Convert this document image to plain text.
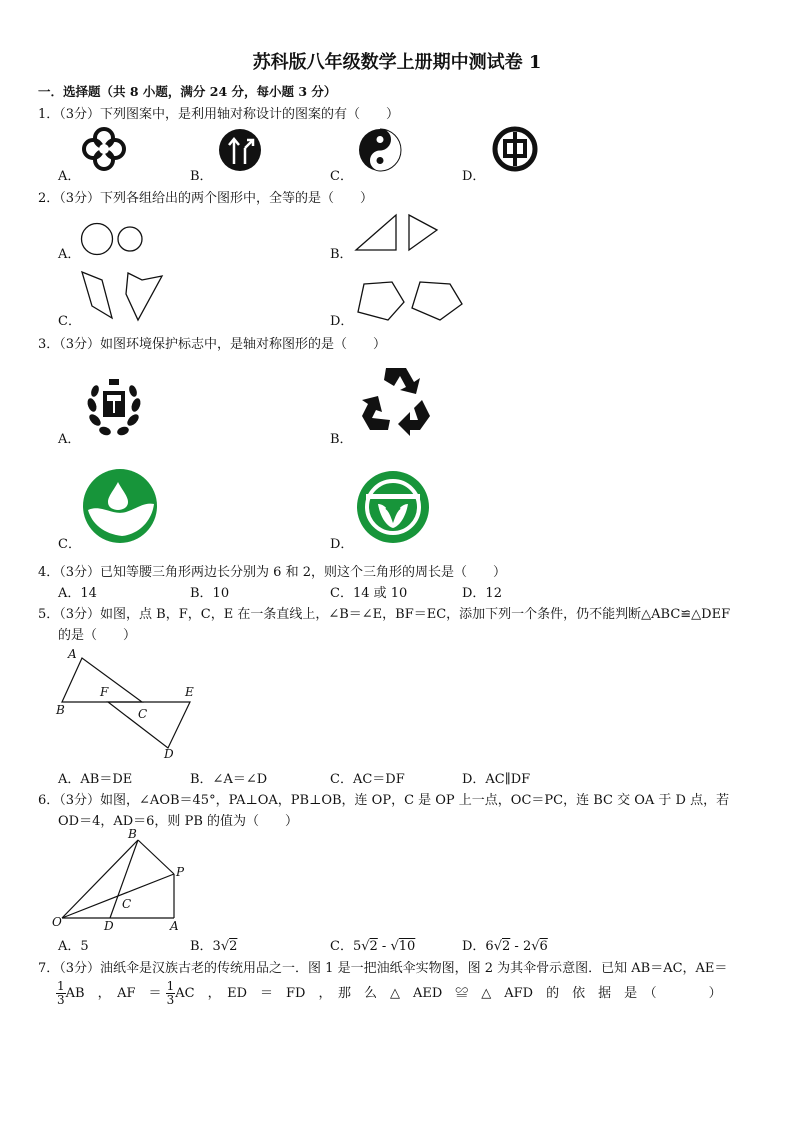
苏科版八年级数学上册期中测试卷 1
一．选择题（共 8 小题，满分 24 分，每小题 3 分）
1．（3分）下列图案中，是利用轴对称设计的图案的有（　　）
A．	B．	C．	D．
2．（3分）下列各组给出的两个图形中，全等的是（　　）
A．	B．
C．	D．
3．（3分）如图环境保护标志中，是轴对称图形的是（　　）
A．	B．
C．	D．
4．（3分）已知等腰三角形两边长分别为 6 和 2，则这个三角形的周长是（　　）
A．14	B．10	C．14 或 10	D．12
5．（3分）如图，点 B，F，C，E 在一条直线上，∠B＝∠E，BF＝EC，添加下列一个条件，仍不能判断△ABC≌△DEF
的是（　　）
A
B
F
C
E
D
A．AB＝DE	B．∠A＝∠D	C．AC＝DF	D．AC∥DF
6．（3分）如图，∠AOB＝45°，PA⊥OA，PB⊥OB，连 OP，C 是 OP 上一点，OC＝PC，连 BC 交 OA 于 D 点，若
OD＝4，AD＝6，则 PB 的值为（　　）
O	A
B
P
C
D
A．5	B．3√2	C．5√2 - √10	D．6√2 - 2√6
7．（3分）油纸伞是汉族古老的传统用品之一．图 1 是一把油纸伞实物图，图 2 为其伞骨示意图．已知 AB＝AC，AE＝
$\frac{1}{3}$ AB　，　AF　＝ $\frac{1}{3}$ AC　，　ED　＝　FD　，　那　么　△　AED　≌　△　AFD　的　依　据　是　（　　　　）
